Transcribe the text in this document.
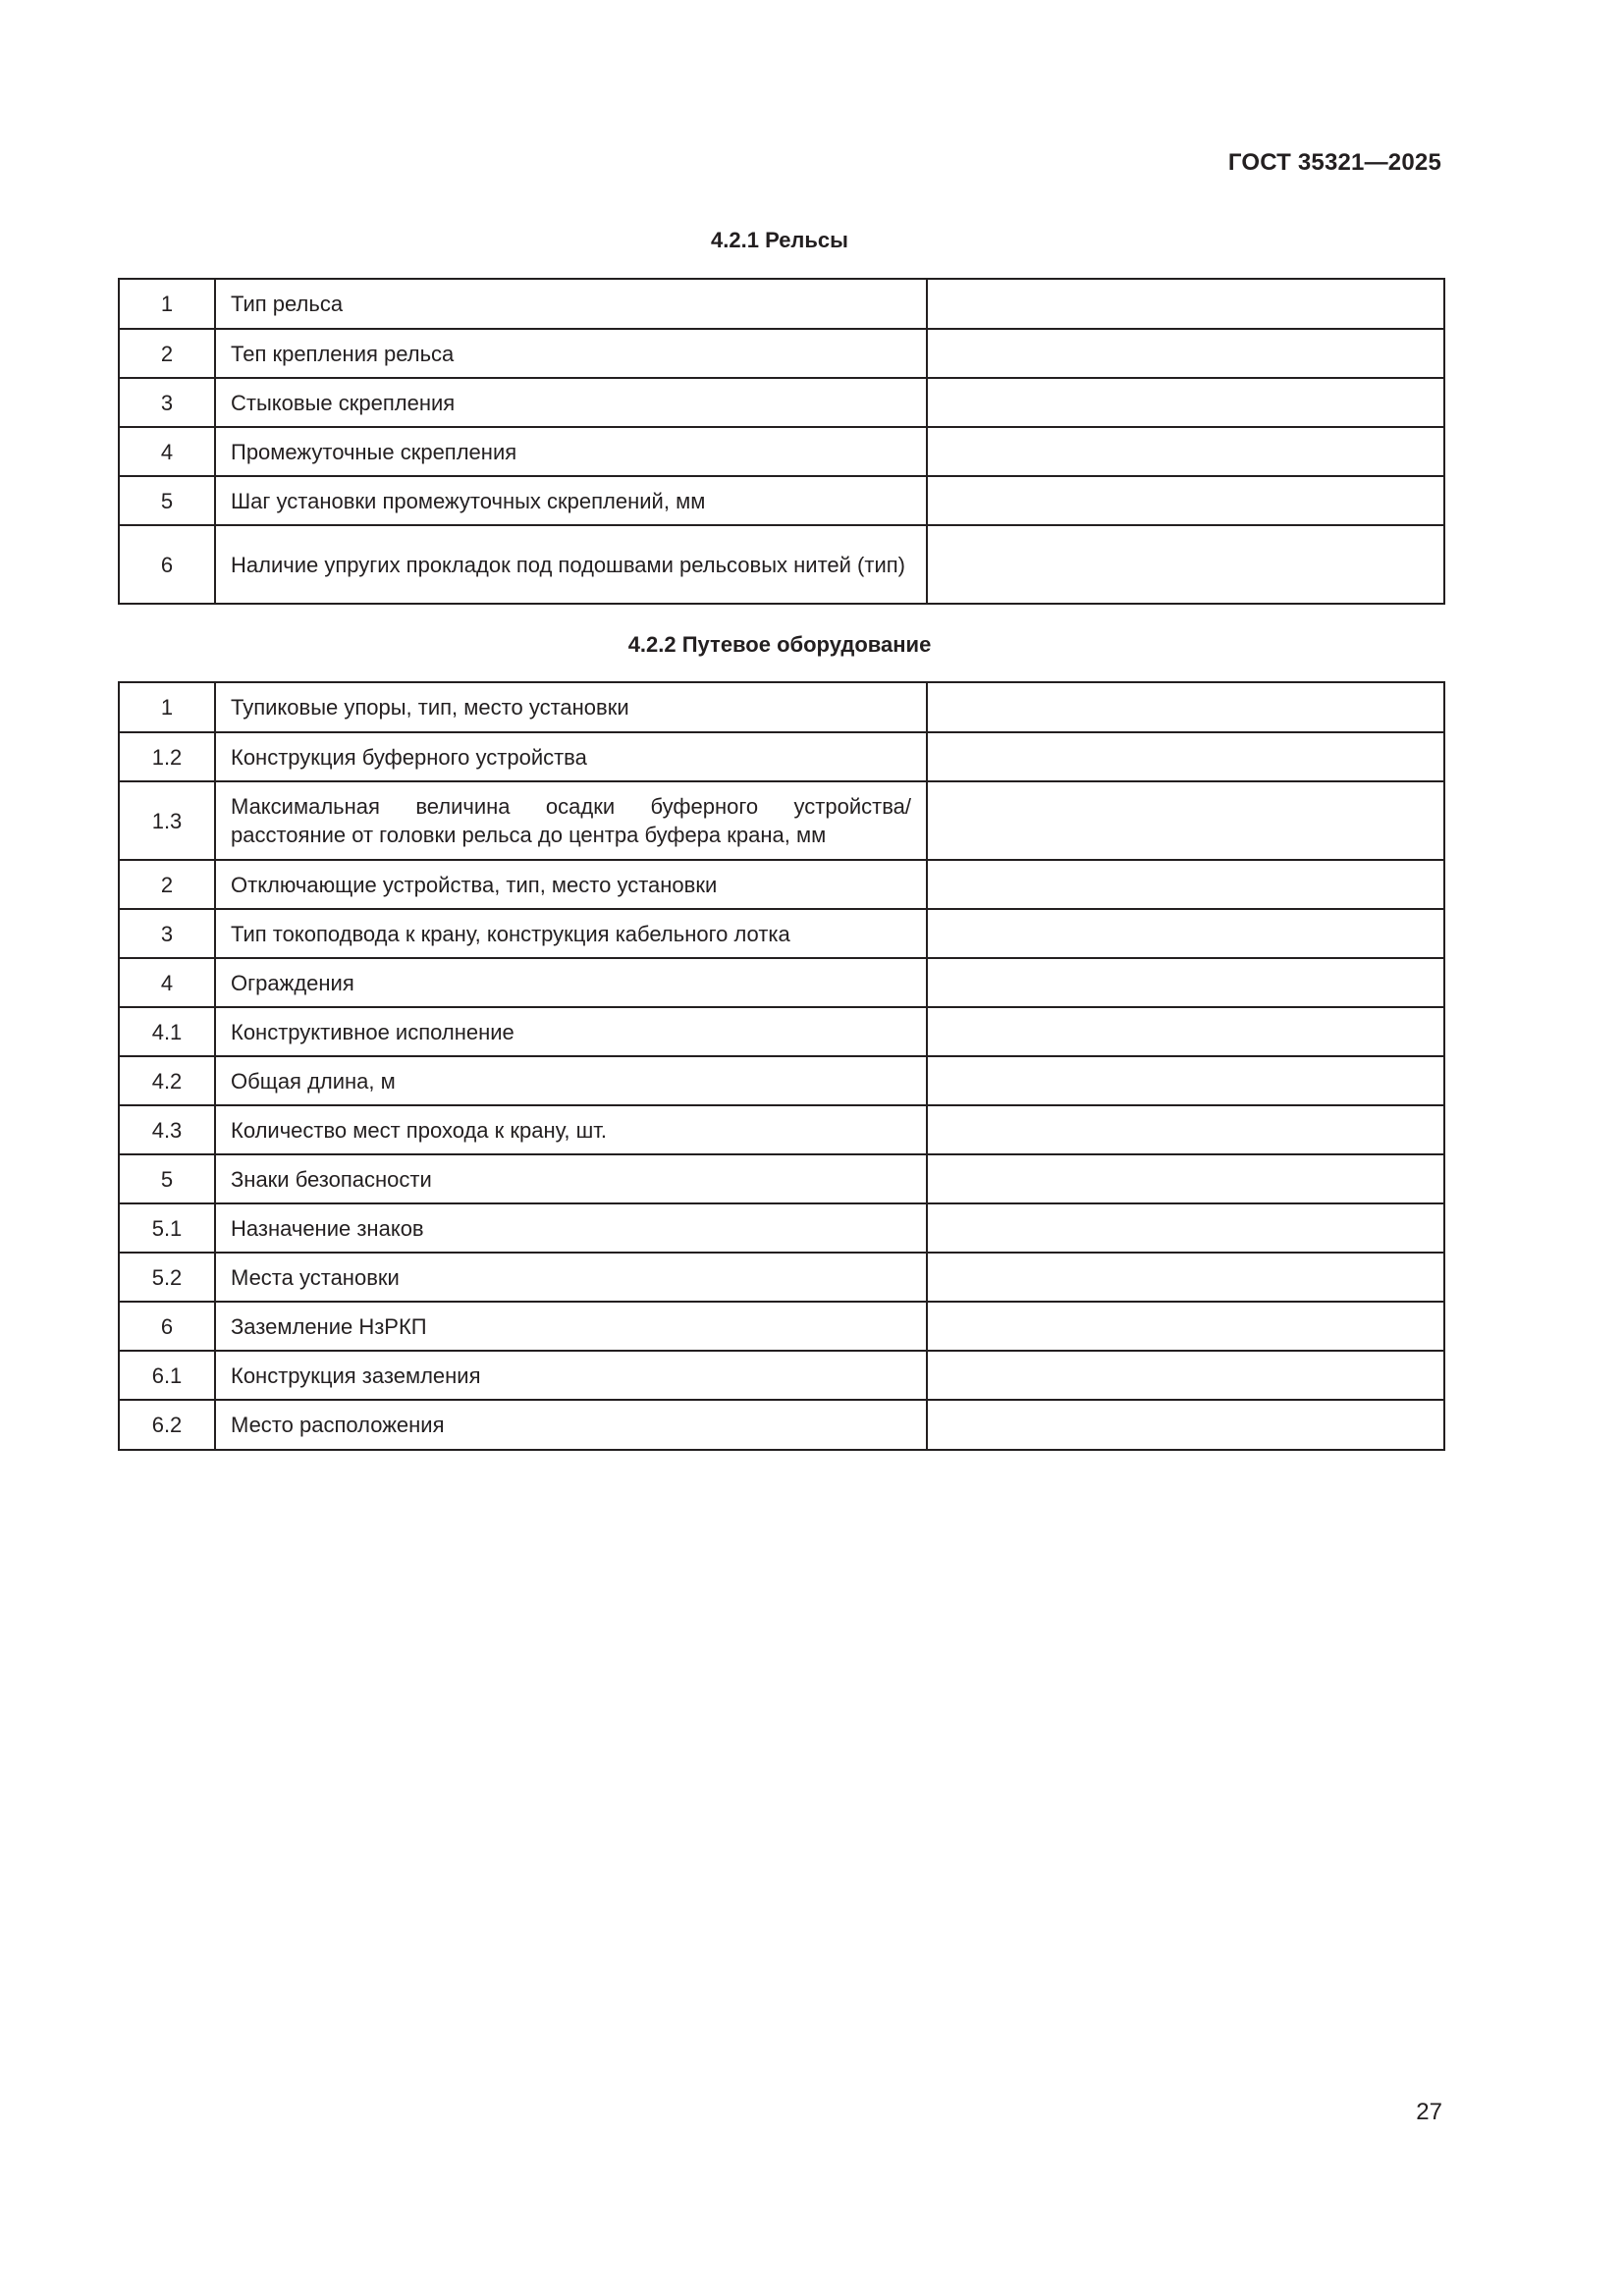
ГОСТ 35321—2025
4.2.1 Рельсы
1	Тип рельса	
2	Теп крепления рельса	
3	Стыковые скрепления	
4	Промежуточные скрепления	
5	Шаг установки промежуточных скреплений, мм	
6	Наличие упругих прокладок под подошвами рельсовых нитей (тип)	
4.2.2 Путевое оборудование
1	Тупиковые упоры, тип, место установки	
1.2	Конструкция буферного устройства	
1.3	Максимальная величина осадки буферного устройства/ расстояние от головки рельса до центра буфера крана, мм	
2	Отключающие устройства, тип, место установки	
3	Тип токоподвода к крану, конструкция кабельного лотка	
4	Ограждения	
4.1	Конструктивное исполнение	
4.2	Общая длина, м	
4.3	Количество мест прохода к крану, шт.	
5	Знаки безопасности	
5.1	Назначение знаков	
5.2	Места установки	
6	Заземление НзРКП	
6.1	Конструкция заземления	
6.2	Место расположения	
27
